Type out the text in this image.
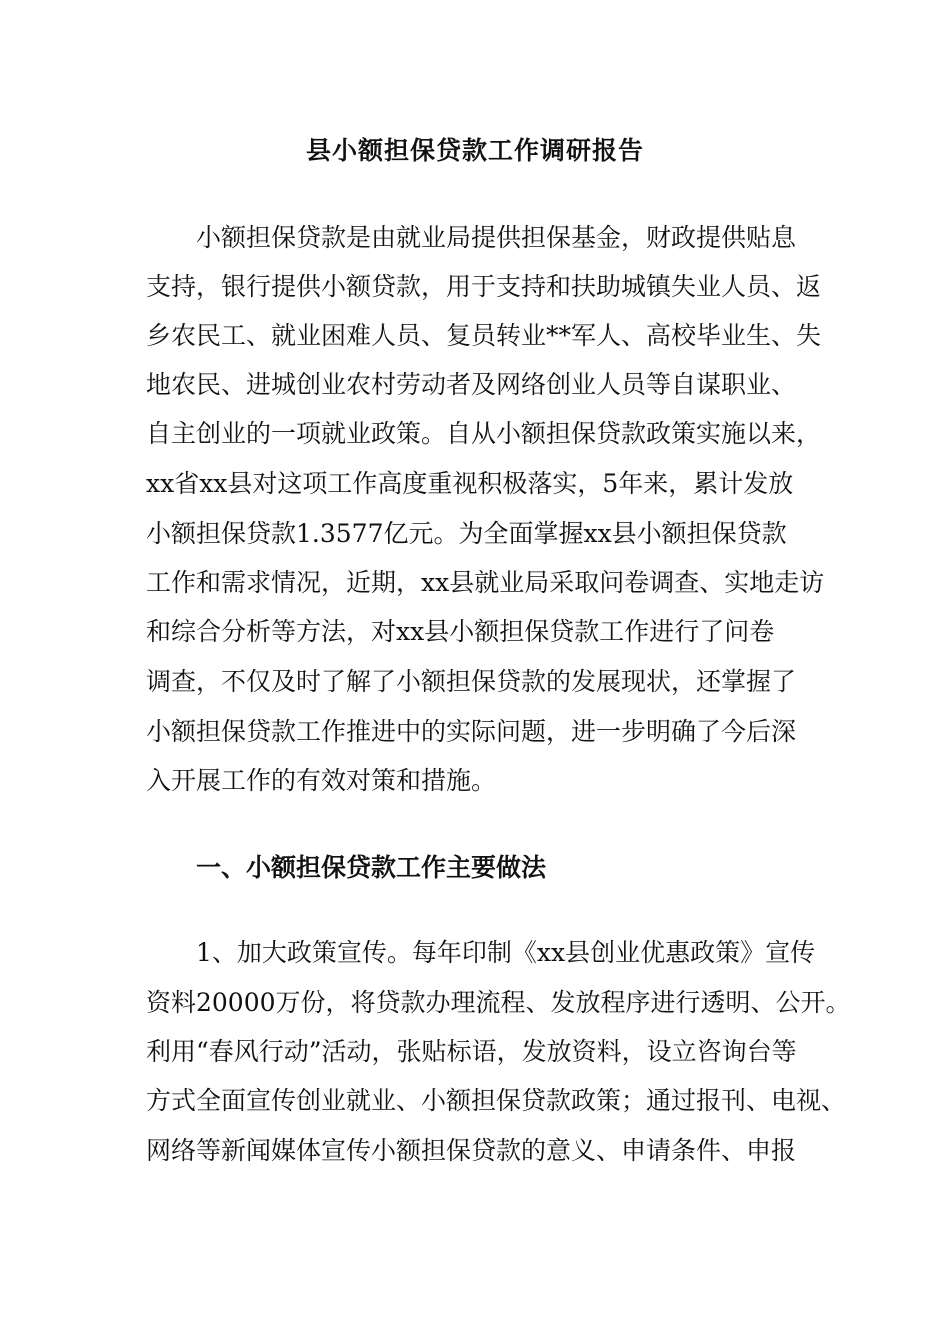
县小额担保贷款工作调研报告
小额担保贷款是由就业局提供担保基金，财政提供贴息
支持，银行提供小额贷款，用于支持和扶助城镇失业人员、返
乡农民工、就业困难人员、复员转业**军人、高校毕业生、失
地农民、进城创业农村劳动者及网络创业人员等自谋职业、
自主创业的一项就业政策。自从小额担保贷款政策实施以来，
xx省xx县对这项工作高度重视积极落实，5年来，累计发放
小额担保贷款1.3577亿元。为全面掌握xx县小额担保贷款
工作和需求情况，近期，xx县就业局采取问卷调查、实地走访
和综合分析等方法，对xx县小额担保贷款工作进行了问卷
调查，不仅及时了解了小额担保贷款的发展现状，还掌握了
小额担保贷款工作推进中的实际问题，进一步明确了今后深
入开展工作的有效对策和措施。
一、小额担保贷款工作主要做法
1、加大政策宣传。每年印制《xx县创业优惠政策》宣传
资料20000万份，将贷款办理流程、发放程序进行透明、公开。
利用“春风行动”活动，张贴标语，发放资料，设立咨询台等
方式全面宣传创业就业、小额担保贷款政策；通过报刊、电视、
网络等新闻媒体宣传小额担保贷款的意义、申请条件、申报
